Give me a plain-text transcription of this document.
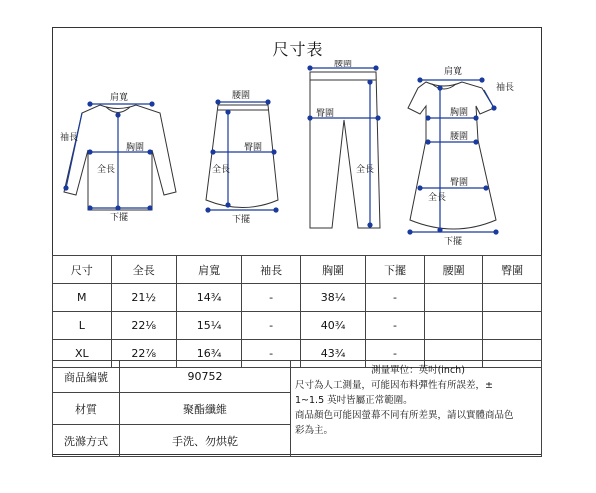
尺寸表
肩寬
胸圍
全長
下擺
袖長
腰圍
臀圍
全長
下擺
腰圍
臀圍
全長
肩寬
袖長
胸圍
腰圍
臀圍
全長
下擺
尺寸	全長	肩寬	袖長	胸圍	下擺	腰圍	臀圍
M	21½	14¾	-	38¼	-		
L	22⅛	15¼	-	40¾	-		
XL	22⅞	16¾	-	43¾	-		
商品編號	90752	測量單位：英吋(inch)
尺寸為人工測量，可能因布料彈性有所誤差，±
1~1.5 英吋皆屬正常範圍。
商品顏色可能因螢幕不同有所差異，請以實體商品色
彩為主。

材質	聚酯纖維	
洗滌方式	手洗、勿烘乾	
